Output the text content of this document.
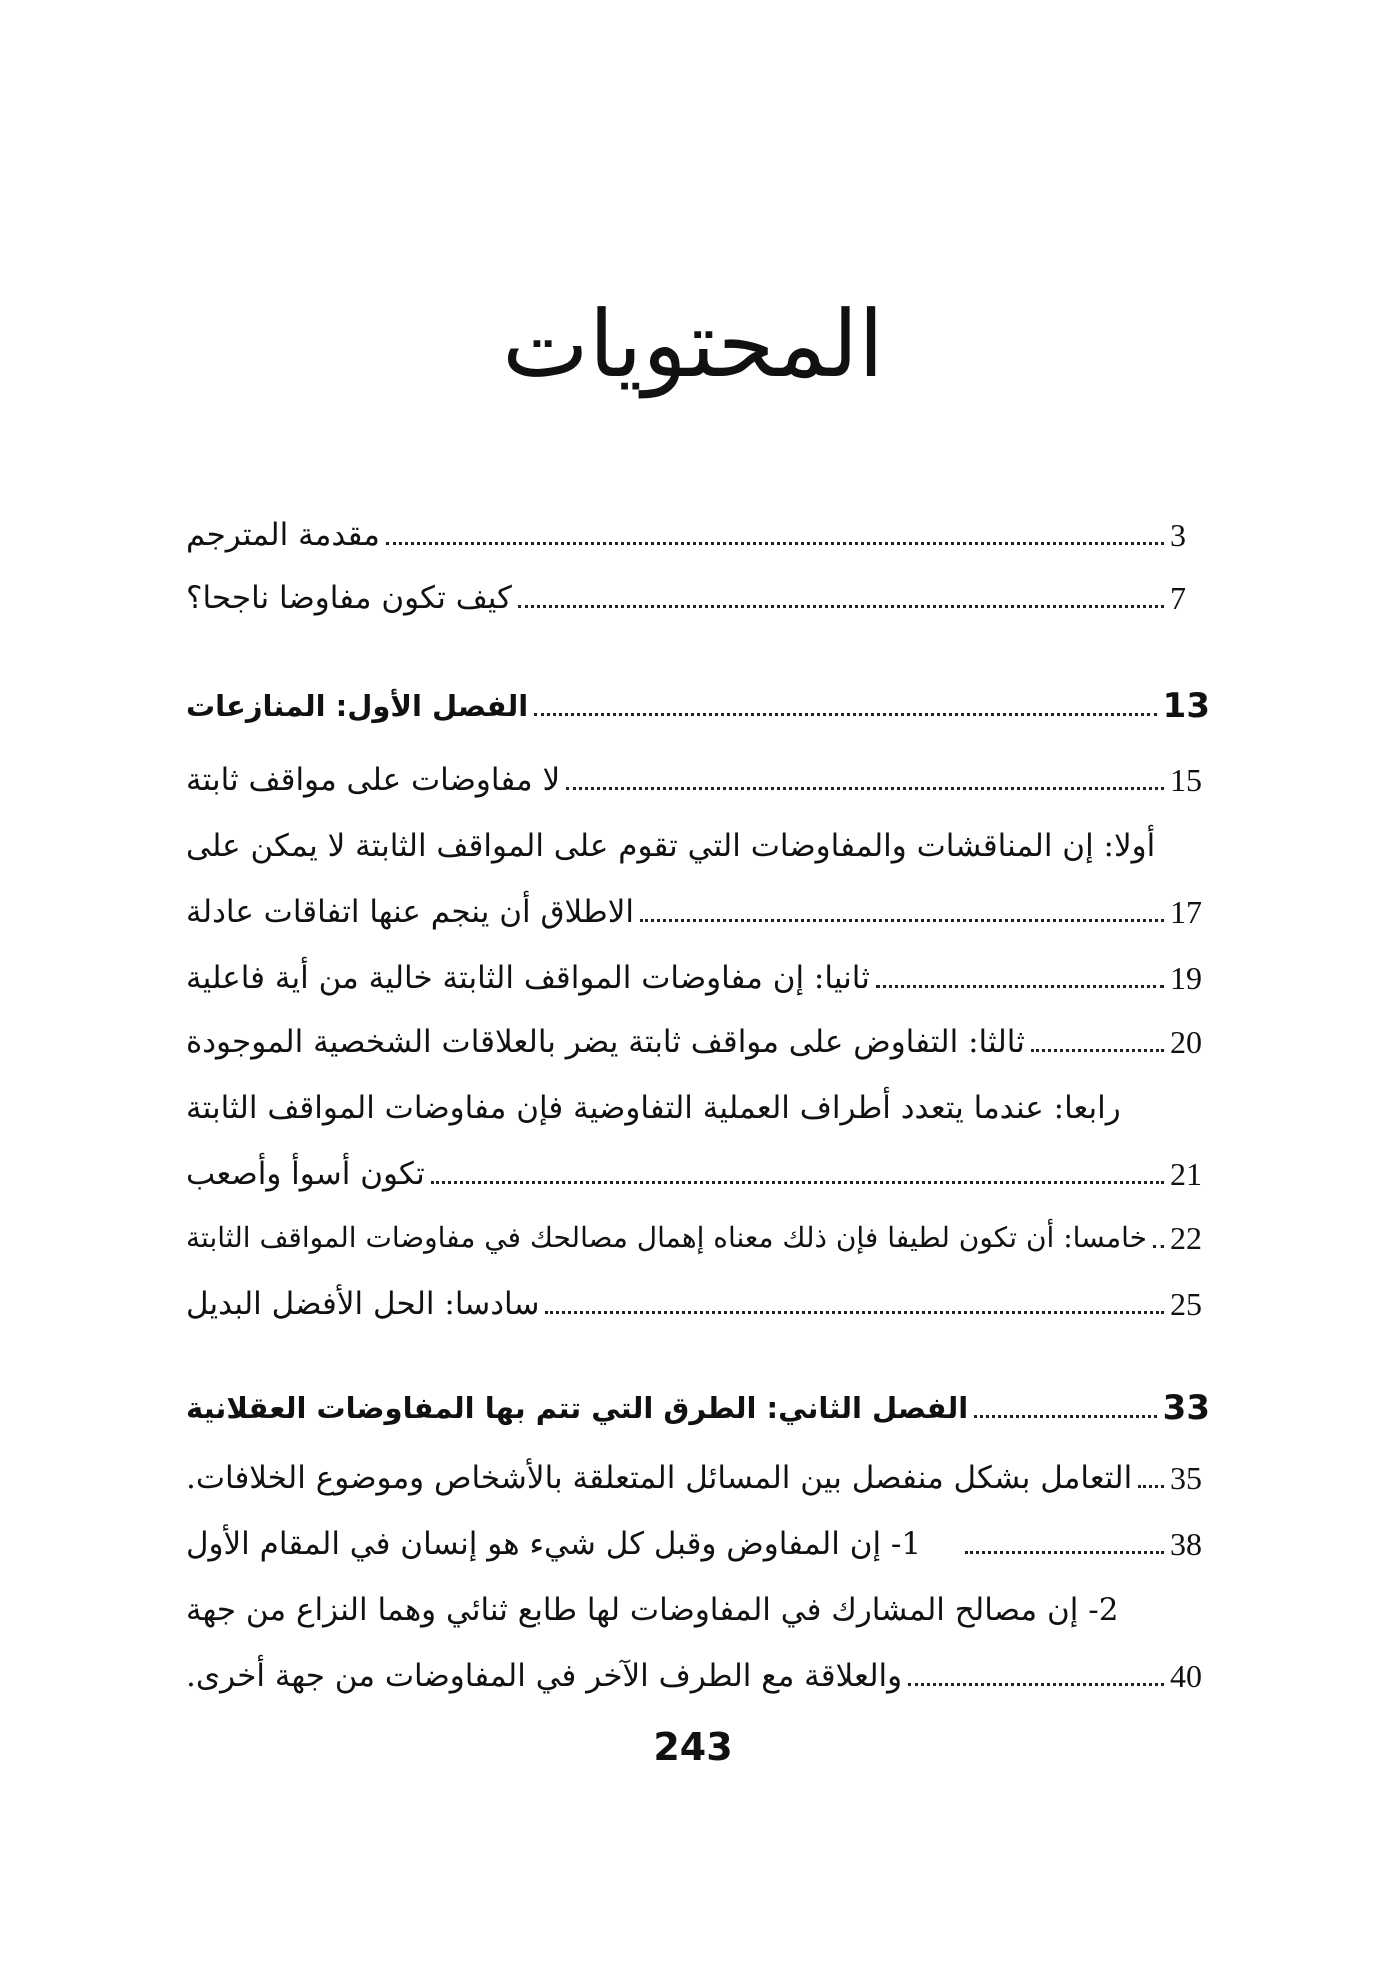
المحتويات
مقدمة المترجم	3
كيف تكون مفاوضا ناجحا؟	7
الفصل الأول: المنازعات	13
لا مفاوضات على مواقف ثابتة	15
أولا: إن المناقشات والمفاوضات التي تقوم على المواقف الثابتة لا يمكن على
الاطلاق أن ينجم عنها اتفاقات عادلة	17
ثانيا: إن مفاوضات المواقف الثابتة خالية من أية فاعلية	19
ثالثا: التفاوض على مواقف ثابتة يضر بالعلاقات الشخصية الموجودة	20
رابعا: عندما يتعدد أطراف العملية التفاوضية فإن مفاوضات المواقف الثابتة
تكون أسوأ وأصعب	21
خامسا: أن تكون لطيفا فإن ذلك معناه إهمال مصالحك في مفاوضات المواقف الثابتة 22
سادسا: الحل الأفضل البديل	25
الفصل الثاني: الطرق التي تتم بها المفاوضات العقلانية	33
التعامل بشكل منفصل بين المسائل المتعلقة بالأشخاص وموضوع الخلافات. 35
1- إن المفاوض وقبل كل شيء هو إنسان في المقام الأول	38
2- إن مصالح المشارك في المفاوضات لها طابع ثنائي وهما النزاع من جهة
والعلاقة مع الطرف الآخر في المفاوضات من جهة أخرى.	40
243
